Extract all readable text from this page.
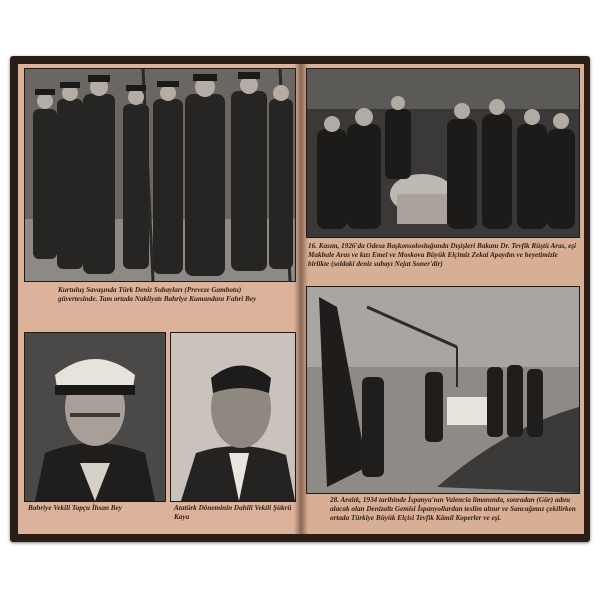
Kurtuluş Savaşında Türk Deniz Subayları (Preveze Gambotu) güvertesinde. Tam ortada Nakliyatı Bahriye Kumandanı Fahri Bey
Bahriye Vekili Topçu İhsan Bey	Atatürk Döneminin Dahili Vekili Şükrü Kaya
16. Kasım, 1926'da Odesa Başkonsolosluğunda Dışişleri Bakanı Dr. Tevfik Rüştü Aras, eşi Makbule Aras ve kızı Emel ve Moskova Büyük Elçimiz Zekai Apaydın ve heyetimizle birlikte (soldaki deniz subayı Nejat Soner'dir)
28. Aralık, 1934 tarihinde İspanya'nın Valencia limanında, sonradan (Gür) adını alacak olan Denizaltı Gemisi İspanyollardan teslim alınır ve Sancağımız çekilirken ortada Türkiye Büyük Elçisi Tevfik Kâmil Koperler ve eşi.
